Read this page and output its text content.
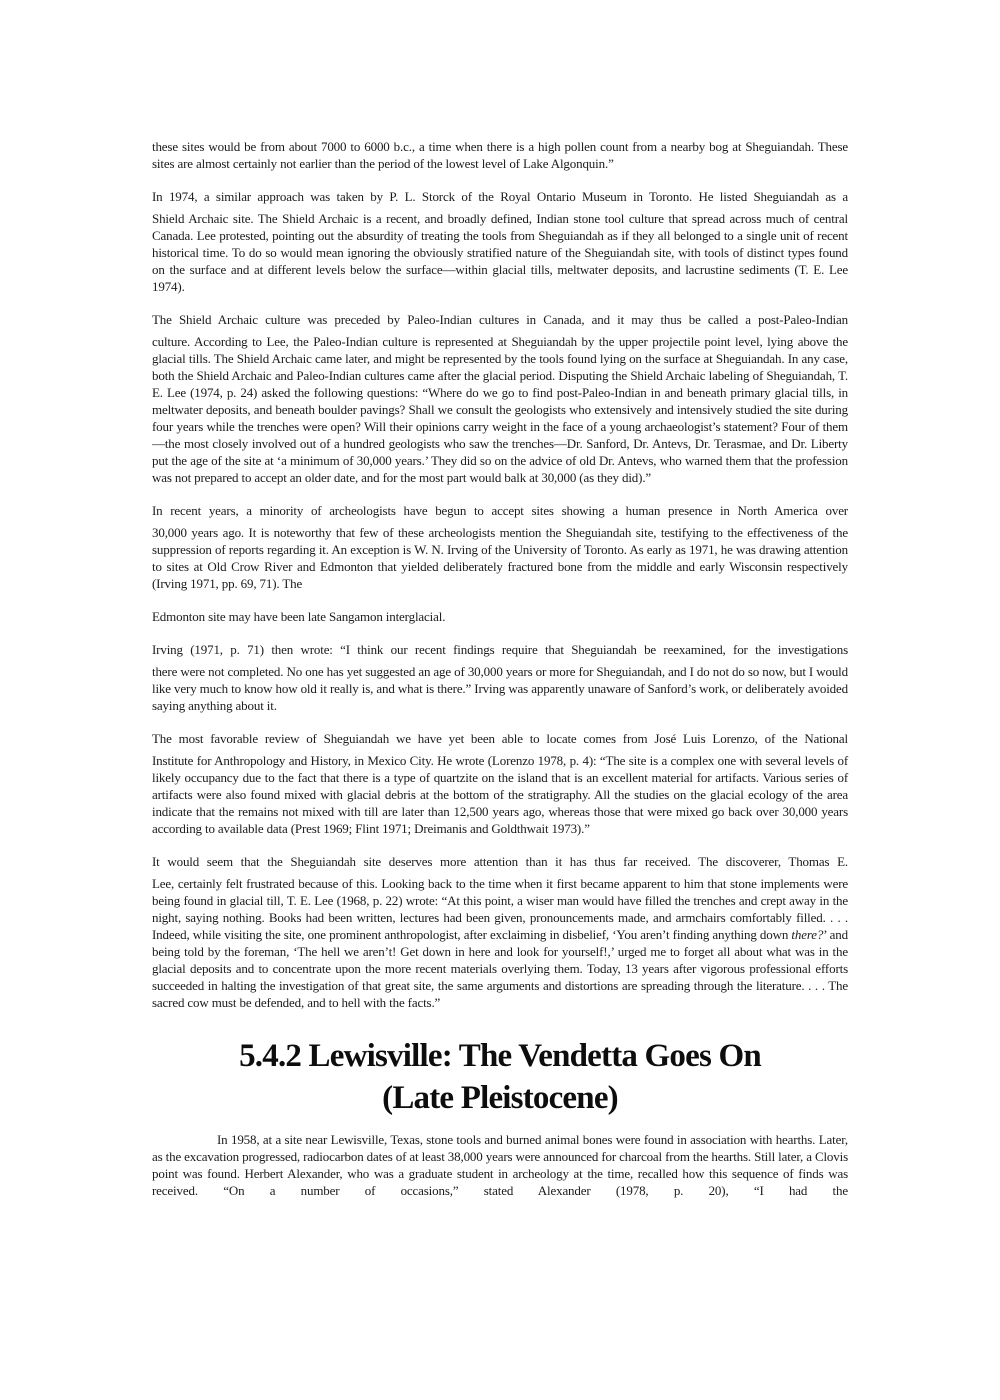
these sites would be from about 7000 to 6000 b.c., a time when there is a high pollen count from a nearby bog at Sheguiandah. These sites are almost certainly not earlier than the period of the lowest level of Lake Algonquin.”

In 1974, a similar approach was taken by P. L. Storck of the Royal Ontario Museum in Toronto. He listed Sheguiandah as a

Shield Archaic site. The Shield Archaic is a recent, and broadly defined, Indian stone tool culture that spread across much of central Canada. Lee protested, pointing out the absurdity of treating the tools from Sheguiandah as if they all belonged to a single unit of recent historical time. To do so would mean ignoring the obviously stratified nature of the Sheguiandah site, with tools of distinct types found on the surface and at different levels below the surface—within glacial tills, meltwater deposits, and lacrustine sediments (T. E. Lee 1974).

The Shield Archaic culture was preceded by Paleo-Indian cultures in Canada, and it may thus be called a post-Paleo-Indian

culture. According to Lee, the Paleo-Indian culture is represented at Sheguiandah by the upper projectile point level, lying above the glacial tills. The Shield Archaic came later, and might be represented by the tools found lying on the surface at Sheguiandah. In any case, both the Shield Archaic and Paleo-Indian cultures came after the glacial period. Disputing the Shield Archaic labeling of Sheguiandah, T. E. Lee (1974, p. 24) asked the following questions: “Where do we go to find post-Paleo-Indian in and beneath primary glacial tills, in meltwater deposits, and beneath boulder pavings? Shall we consult the geologists who extensively and intensively studied the site during four years while the trenches were open? Will their opinions carry weight in the face of a young archaeologist’s statement? Four of them—the most closely involved out of a hundred geologists who saw the trenches—Dr. Sanford, Dr. Antevs, Dr. Terasmae, and Dr. Liberty put the age of the site at ‘a minimum of 30,000 years.’ They did so on the advice of old Dr. Antevs, who warned them that the profession was not prepared to accept an older date, and for the most part would balk at 30,000 (as they did).”

In recent years, a minority of archeologists have begun to accept sites showing a human presence in North America over

30,000 years ago. It is noteworthy that few of these archeologists mention the Sheguiandah site, testifying to the effectiveness of the suppression of reports regarding it. An exception is W. N. Irving of the University of Toronto. As early as 1971, he was drawing attention to sites at Old Crow River and Edmonton that yielded deliberately fractured bone from the middle and early Wisconsin respectively (Irving 1971, pp. 69, 71). The

Edmonton site may have been late Sangamon interglacial.

Irving (1971, p. 71) then wrote: “I think our recent findings require that Sheguiandah be reexamined, for the investigations

there were not completed. No one has yet suggested an age of 30,000 years or more for Sheguiandah, and I do not do so now, but I would like very much to know how old it really is, and what is there.” Irving was apparently unaware of Sanford’s work, or deliberately avoided saying anything about it.

The most favorable review of Sheguiandah we have yet been able to locate comes from José Luis Lorenzo, of the National

Institute for Anthropology and History, in Mexico City. He wrote (Lorenzo 1978, p. 4): “The site is a complex one with several levels of likely occupancy due to the fact that there is a type of quartzite on the island that is an excellent material for artifacts. Various series of artifacts were also found mixed with glacial debris at the bottom of the stratigraphy. All the studies on the glacial ecology of the area indicate that the remains not mixed with till are later than 12,500 years ago, whereas those that were mixed go back over 30,000 years according to available data (Prest 1969; Flint 1971; Dreimanis and Goldthwait 1973).”

It would seem that the Sheguiandah site deserves more attention than it has thus far received. The discoverer, Thomas E.

Lee, certainly felt frustrated because of this. Looking back to the time when it first became apparent to him that stone implements were being found in glacial till, T. E. Lee (1968, p. 22) wrote: “At this point, a wiser man would have filled the trenches and crept away in the night, saying nothing. Books had been written, lectures had been given, pronouncements made, and armchairs comfortably filled. . . . Indeed, while visiting the site, one prominent anthropologist, after exclaiming in disbelief, ‘You aren’t finding anything down there?’ and being told by the foreman, ‘The hell we aren’t! Get down in here and look for yourself!,’ urged me to forget all about what was in the glacial deposits and to concentrate upon the more recent materials overlying them. Today, 13 years after vigorous professional efforts succeeded in halting the investigation of that great site, the same arguments and distortions are spreading through the literature. . . . The sacred cow must be defended, and to hell with the facts.”

5.4.2 Lewisville: The Vendetta Goes On
(Late Pleistocene)

In 1958, at a site near Lewisville, Texas, stone tools and burned animal bones were found in association with hearths. Later, as the excavation progressed, radiocarbon dates of at least 38,000 years were announced for charcoal from the hearths. Still later, a Clovis point was found. Herbert Alexander, who was a graduate student in archeology at the time, recalled how this sequence of finds was received. “On a number of occasions,” stated Alexander (1978, p. 20), “I had the
